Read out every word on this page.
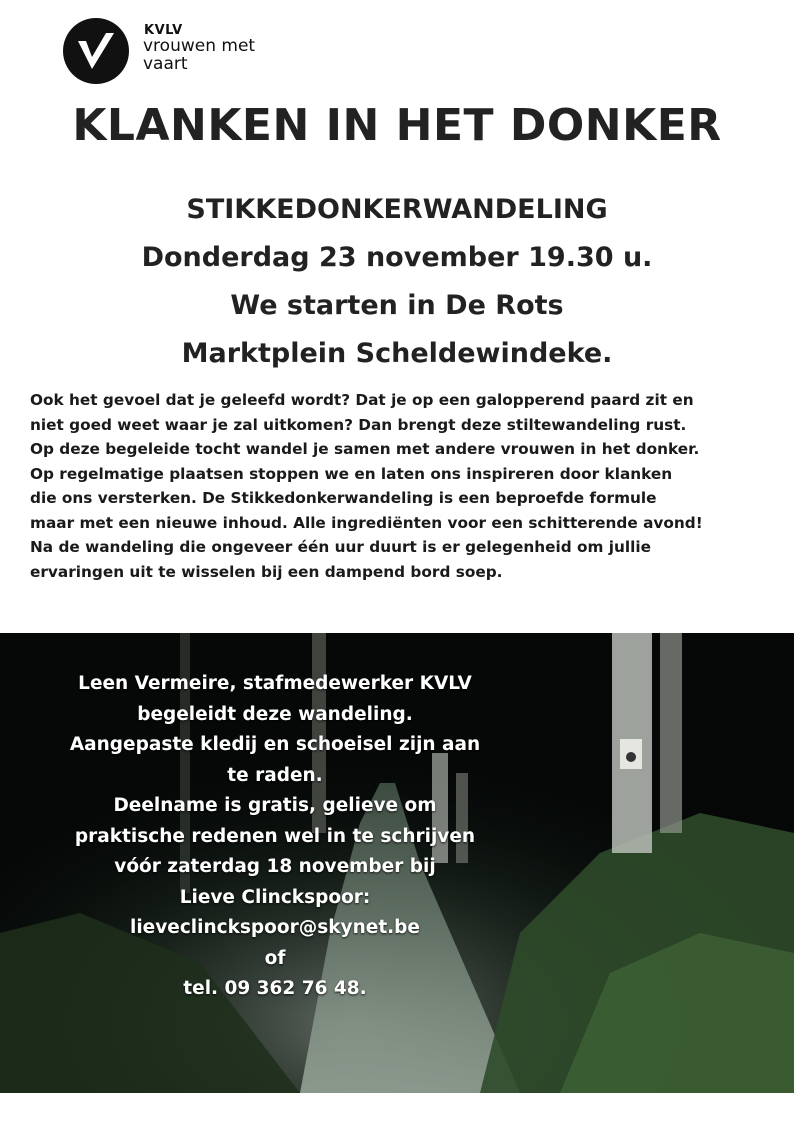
KVLV
vrouwen met vaart
KLANKEN IN HET DONKER
STIKKEDONKERWANDELING
Donderdag 23 november 19.30 u.
We starten in De Rots
Marktplein Scheldewindeke.
Ook het gevoel dat je geleefd wordt? Dat je op een galopperend paard zit en
niet goed weet waar je zal uitkomen? Dan brengt deze stiltewandeling rust.
Op deze begeleide tocht wandel je samen met andere vrouwen in het donker.
Op regelmatige plaatsen stoppen we en laten ons inspireren door klanken
die ons versterken. De Stikkedonkerwandeling is een beproefde formule
maar met een nieuwe inhoud. Alle ingrediënten voor een schitterende avond!
Na de wandeling die ongeveer één uur duurt is er gelegenheid om jullie
ervaringen uit te wisselen bij een dampend bord soep.
Leen Vermeire, stafmedewerker KVLV
begeleidt deze wandeling.
Aangepaste kledij en schoeisel zijn aan
te raden.
Deelname is gratis, gelieve om
praktische redenen wel in te schrijven
vóór zaterdag 18 november bij
Lieve Clinckspoor:
lieveclinckspoor@skynet.be
of
tel. 09 362 76 48.
